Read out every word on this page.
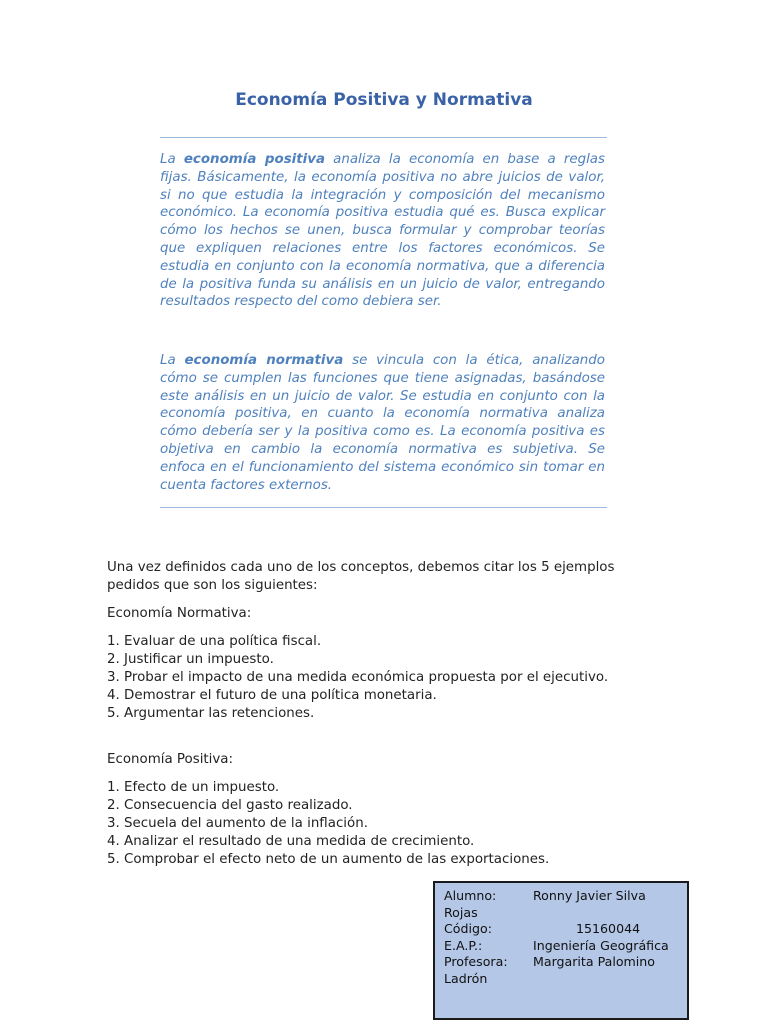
Economía Positiva y Normativa

La economía positiva analiza la economía en base a reglas fijas. Básicamente, la economía positiva no abre juicios de valor, si no que estudia la integración y composición del mecanismo económico. La economía positiva estudia qué es. Busca explicar cómo los hechos se unen, busca formular y comprobar teorías que expliquen relaciones entre los factores económicos. Se estudia en conjunto con la economía normativa, que a diferencia de la positiva funda su análisis en un juicio de valor, entregando resultados respecto del como debiera ser.

La economía normativa se vincula con la ética, analizando cómo se cumplen las funciones que tiene asignadas, basándose este análisis en un juicio de valor. Se estudia en conjunto con la economía positiva, en cuanto la economía normativa analiza cómo debería ser y la positiva como es. La economía positiva es objetiva en cambio la economía normativa es subjetiva. Se enfoca en el funcionamiento del sistema económico sin tomar en cuenta factores externos.

Una vez definidos cada uno de los conceptos, debemos citar los 5 ejemplos pedidos que son los siguientes:

Economía Normativa:

1. Evaluar de una política fiscal.
2. Justificar un impuesto.
3. Probar el impacto de una medida económica propuesta por el ejecutivo.
4. Demostrar el futuro de una política monetaria.
5. Argumentar las retenciones.

Economía Positiva:

1. Efecto de un impuesto.
2. Consecuencia del gasto realizado.
3. Secuela del aumento de la inflación.
4. Analizar el resultado de una medida de crecimiento.
5. Comprobar el efecto neto de un aumento de las exportaciones.
Alumno:	Ronny Javier Silva
Rojas
Código:	15160044
E.A.P.:	Ingeniería Geográfica
Profesora:	Margarita Palomino
Ladrón
